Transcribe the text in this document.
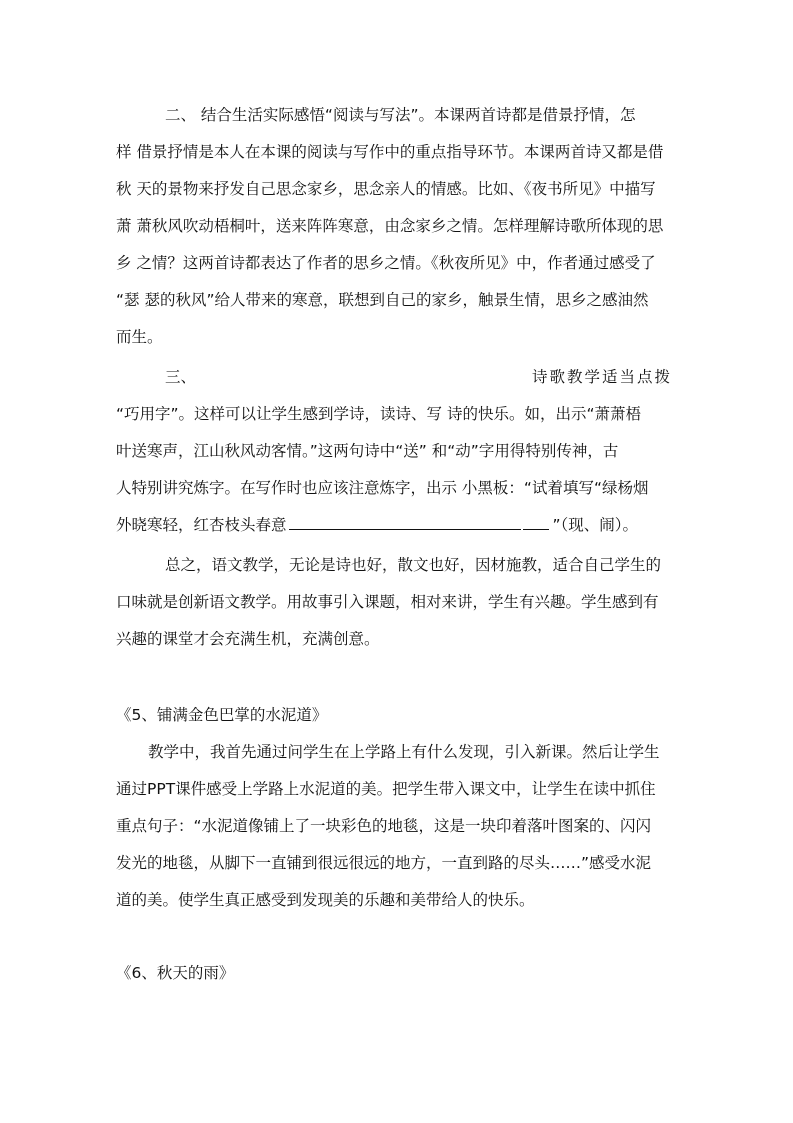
二、 结合生活实际感悟“阅读与写法”。本课两首诗都是借景抒情，怎
样 借景抒情是本人在本课的阅读与写作中的重点指导环节。本课两首诗又都是借
秋 天的景物来抒发自己思念家乡，思念亲人的情感。比如、《夜书所见》中描写
萧 萧秋风吹动梧桐叶，送来阵阵寒意，由念家乡之情。怎样理解诗歌所体现的思
乡 之情？这两首诗都表达了作者的思乡之情。《秋夜所见》中，作者通过感受了
“瑟 瑟的秋风”给人带来的寒意，联想到自己的家乡，触景生情，思乡之感油然
而生。
三、	诗歌教学适当点拨
“巧用字”。这样可以让学生感到学诗，读诗、写 诗的快乐。如，出示“萧萧梧
叶送寒声，江山秋风动客情。”这两句诗中“送” 和“动”字用得特别传神，古
人特别讲究炼字。在写作时也应该注意炼字，出示 小黑板：“试着填写“绿杨烟
外晓寒轻，红杏枝头春意	”（现、闹）。
总之，语文教学，无论是诗也好，散文也好，因材施教，适合自己学生的
口味就是创新语文教学。用故事引入课题，相对来讲，学生有兴趣。学生感到有
兴趣的课堂才会充满生机，充满创意。
《5、铺满金色巴掌的水泥道》
教学中，我首先通过问学生在上学路上有什么发现，引入新课。然后让学生
通过PPT课件感受上学路上水泥道的美。把学生带入课文中，让学生在读中抓住
重点句子：“水泥道像铺上了一块彩色的地毯，这是一块印着落叶图案的、闪闪
发光的地毯，从脚下一直铺到很远很远的地方，一直到路的尽头……”感受水泥
道的美。使学生真正感受到发现美的乐趣和美带给人的快乐。
《6、秋天的雨》
